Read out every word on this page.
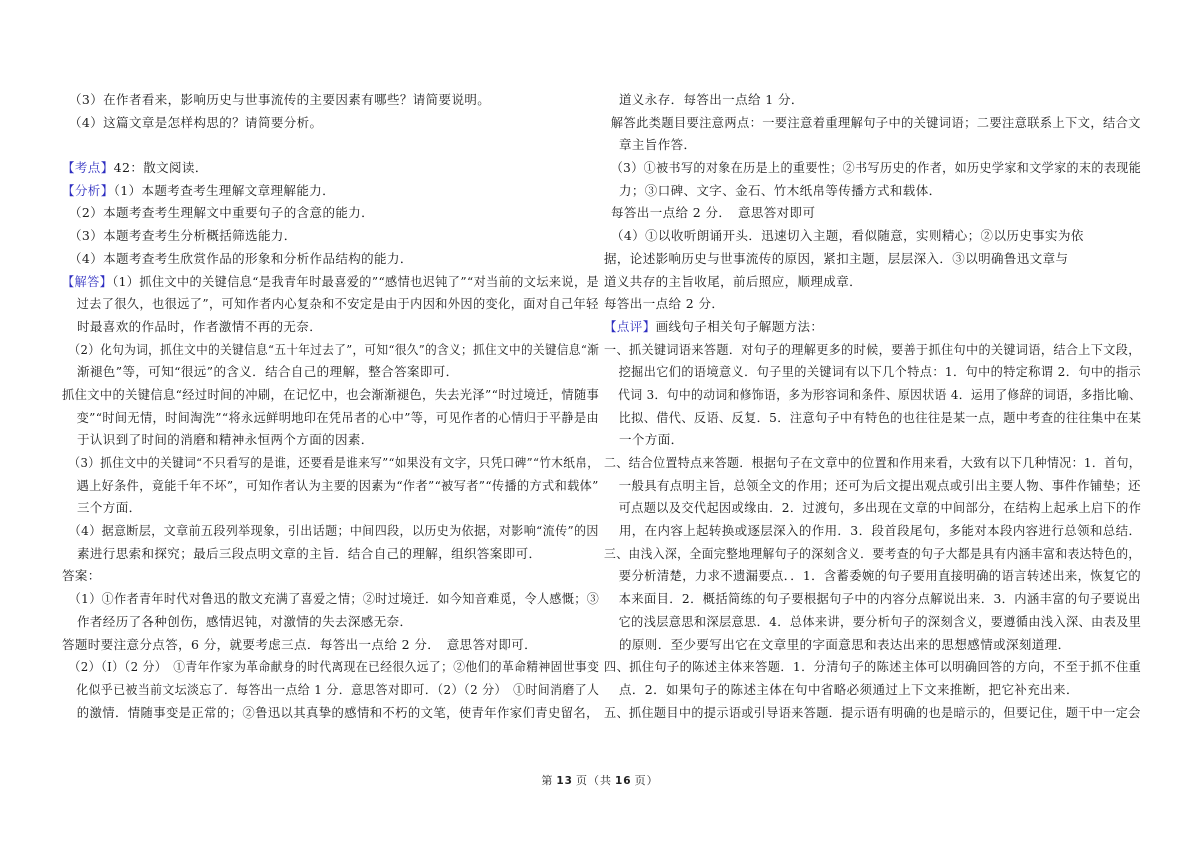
（3）在作者看来，影响历史与世事流传的主要因素有哪些？请简要说明。
（4）这篇文章是怎样构思的？请简要分析。
【考点】42：散文阅读．
【分析】（1）本题考查考生理解文章理解能力．
（2）本题考查考生理解文中重要句子的含意的能力．
（3）本题考查考生分析概括筛选能力．
（4）本题考查考生欣赏作品的形象和分析作品结构的能力．
【解答】（1）抓住文中的关键信息“是我青年时最喜爱的”“感情也迟钝了”“对当前的文坛来说，是
过去了很久，也很远了”，可知作者内心复杂和不安定是由于内因和外因的变化，面对自己年轻
时最喜欢的作品时，作者激情不再的无奈．
（2）化句为词，抓住文中的关键信息“五十年过去了”，可知“很久”的含义；抓住文中的关键信息“渐
渐褪色”等，可知“很远”的含义．结合自己的理解，整合答案即可．
抓住文中的关键信息“经过时间的冲刷，在记忆中，也会渐渐褪色，失去光泽”“时过境迁，情随事
变”“时间无情，时间淘洗”“将永远鲜明地印在凭吊者的心中”等，可见作者的心情归于平静是由
于认识到了时间的消磨和精神永恒两个方面的因素．
（3）抓住文中的关键词“不只看写的是谁，还要看是谁来写”“如果没有文字，只凭口碑”“竹木纸帛，
遇上好条件，竟能千年不坏”，可知作者认为主要的因素为“作者”“被写者”“传播的方式和载体”
三个方面．
（4）据意断层，文章前五段列举现象，引出话题；中间四段，以历史为依据，对影响“流传”的因
素进行思索和探究；最后三段点明文章的主旨．结合自己的理解，组织答案即可．
答案：
（1）①作者青年时代对鲁迅的散文充满了喜爱之情；②时过境迁．如今知音难觅，令人感慨；③
作者经历了各种创伤，感情迟钝，对激情的失去深感无奈．
答题时要注意分点答，6 分，就要考虑三点．每答出一点给 2 分．　意思答对即可．
（2）（I）（2 分）　①青年作家为革命献身的时代离现在已经很久远了；②他们的革命精神固世事变
化似乎已被当前文坛淡忘了．每答出一点给 1 分．意思答对即可．（2）（2 分）　①时间消磨了人
的激情．情随事变是正常的；②鲁迅以其真挚的感情和不朽的文笔，使青年作家们青史留名，
道义永存．每答出一点给 1 分．
解答此类题目要注意两点：一要注意着重理解句子中的关键词语；二要注意联系上下文，结合文
章主旨作答．
（3）①被书写的对象在历是上的重要性；②书写历史的作者，如历史学家和文学家的末的表现能
力；③口碑、文字、金石、竹木纸帛等传播方式和载体．
每答出一点给 2 分．　意思答对即可
（4）①以收听朗诵开头．迅速切入主题，看似随意，实则精心；②以历史事实为依
据，论述影响历史与世事流传的原因，紧扣主题，层层深入．③以明确鲁迅文章与
道义共存的主旨收尾，前后照应，顺理成章．
每答出一点给 2 分．
【点评】画线句子相关句子解题方法：
一、抓关键词语来答题．对句子的理解更多的时候，要善于抓住句中的关键词语，结合上下文段，
挖掘出它们的语境意义．句子里的关键词有以下几个特点：1．句中的特定称谓 2．句中的指示
代词 3．句中的动词和修饰语，多为形容词和条件、原因状语 4．运用了修辞的词语，多指比喻、
比拟、借代、反语、反复．5．注意句子中有特色的也往往是某一点，题中考查的往往集中在某
一个方面．
二、结合位置特点来答题．根据句子在文章中的位置和作用来看，大致有以下几种情况：1．首句，
一般具有点明主旨，总领全文的作用；还可为后文提出观点或引出主要人物、事件作铺垫；还
可点题以及交代起因或缘由．2．过渡句，多出现在文章的中间部分，在结构上起承上启下的作
用，在内容上起转换或逐层深入的作用．3．段首段尾句，多能对本段内容进行总领和总结．
三、由浅入深，全面完整地理解句子的深刻含义．要考查的句子大都是具有内涵丰富和表达特色的，
要分析清楚，力求不遗漏要点．．1．含蓄委婉的句子要用直接明确的语言转述出来，恢复它的
本来面目．2．概括简练的句子要根据句子中的内容分点解说出来．3．内涵丰富的句子要说出
它的浅层意思和深层意思．4．总体来讲，要分析句子的深刻含义，要遵循由浅入深、由表及里
的原则．至少要写出它在文章里的字面意思和表达出来的思想感情或深刻道理．
四、抓住句子的陈述主体来答题．1．分清句子的陈述主体可以明确回答的方向，不至于抓不住重
点．2．如果句子的陈述主体在句中省略必须通过上下文来推断，把它补充出来．
五、抓住题目中的提示语或引导语来答题．提示语有明确的也是暗示的，但要记住，题干中一定会
第 13 页（共 16 页）
